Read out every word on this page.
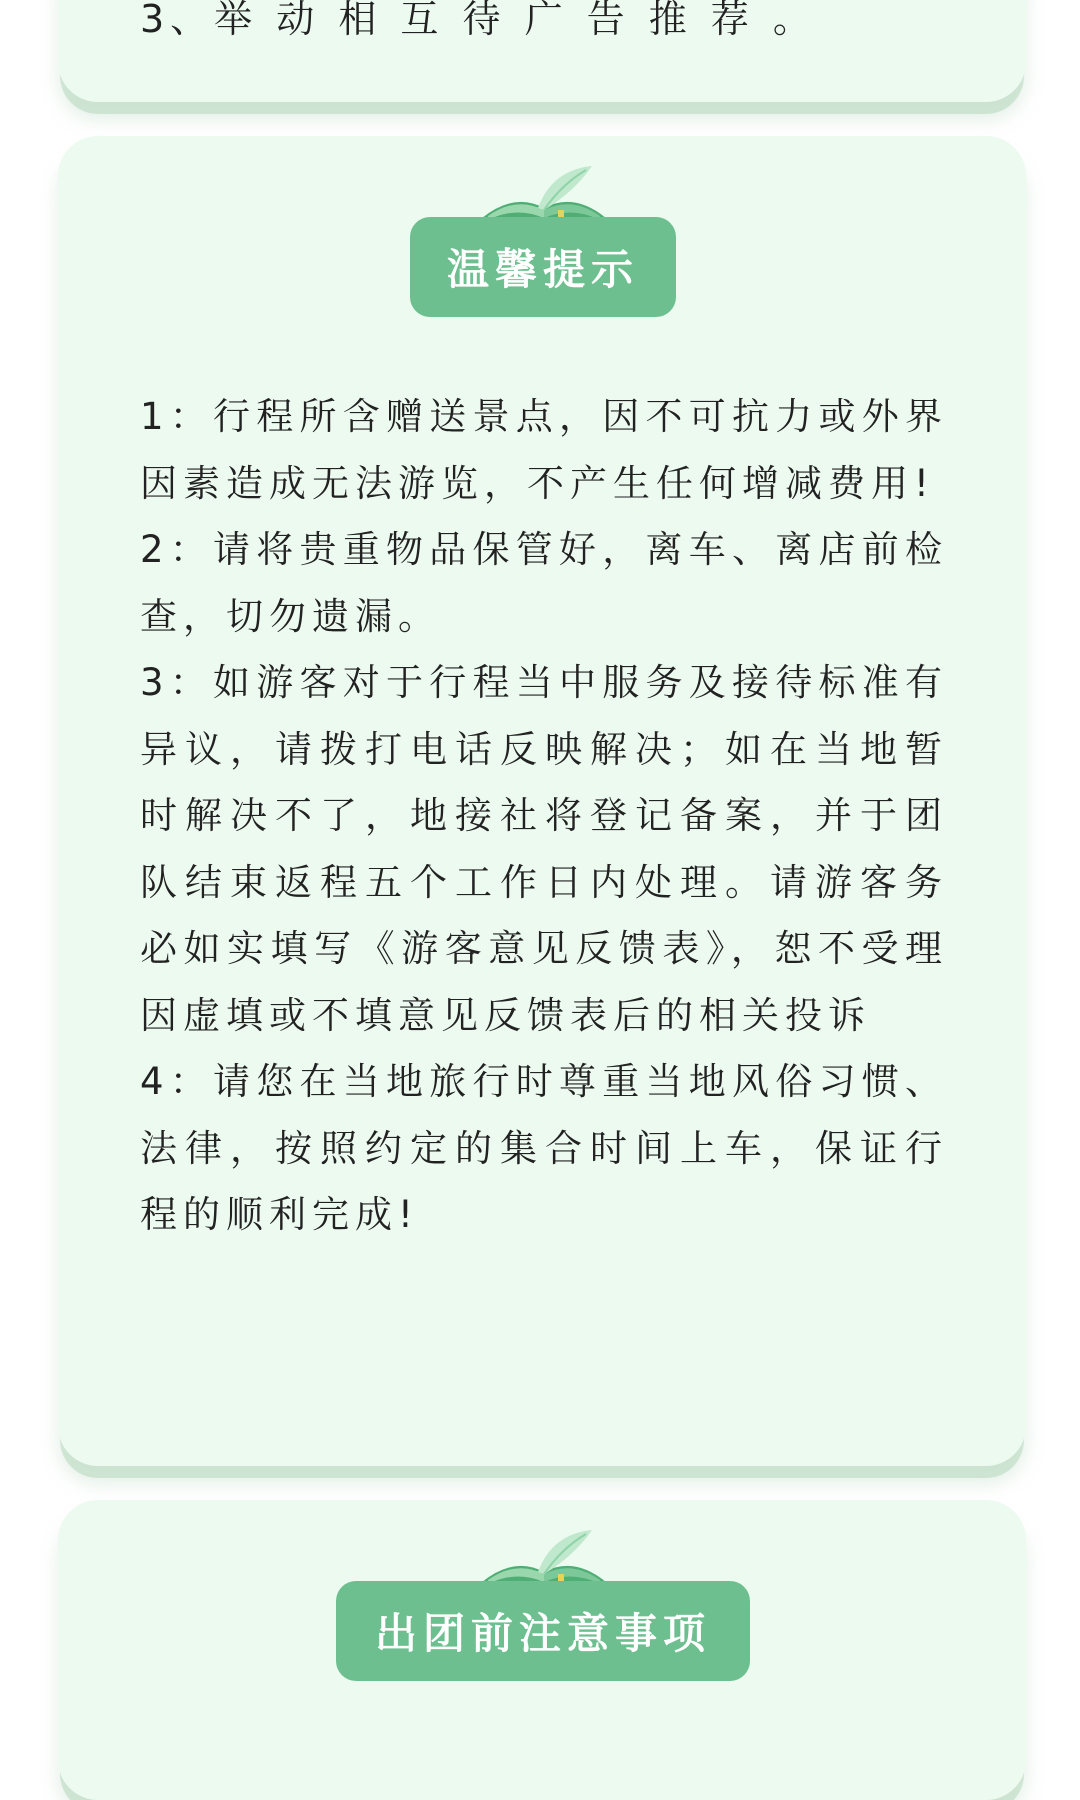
3、举 动 相 互 待 广 告 推 荐 。
温馨提示

1：行程所含赠送景点，因不可抗力或外界因素造成无法游览，不产生任何增减费用!

2：请将贵重物品保管好，离车、离店前检查，切勿遗漏。

3：如游客对于行程当中服务及接待标准有异议，请拨打电话反映解决；如在当地暂时解决不了，地接社将登记备案，并于团队结束返程五个工作日内处理。请游客务必如实填写《游客意见反馈表》，恕不受理因虚填或不填意见反馈表后的相关投诉

4：请您在当地旅行时尊重当地风俗习惯、法律，按照约定的集合时间上车，保证行程的顺利完成!

出团前注意事项
